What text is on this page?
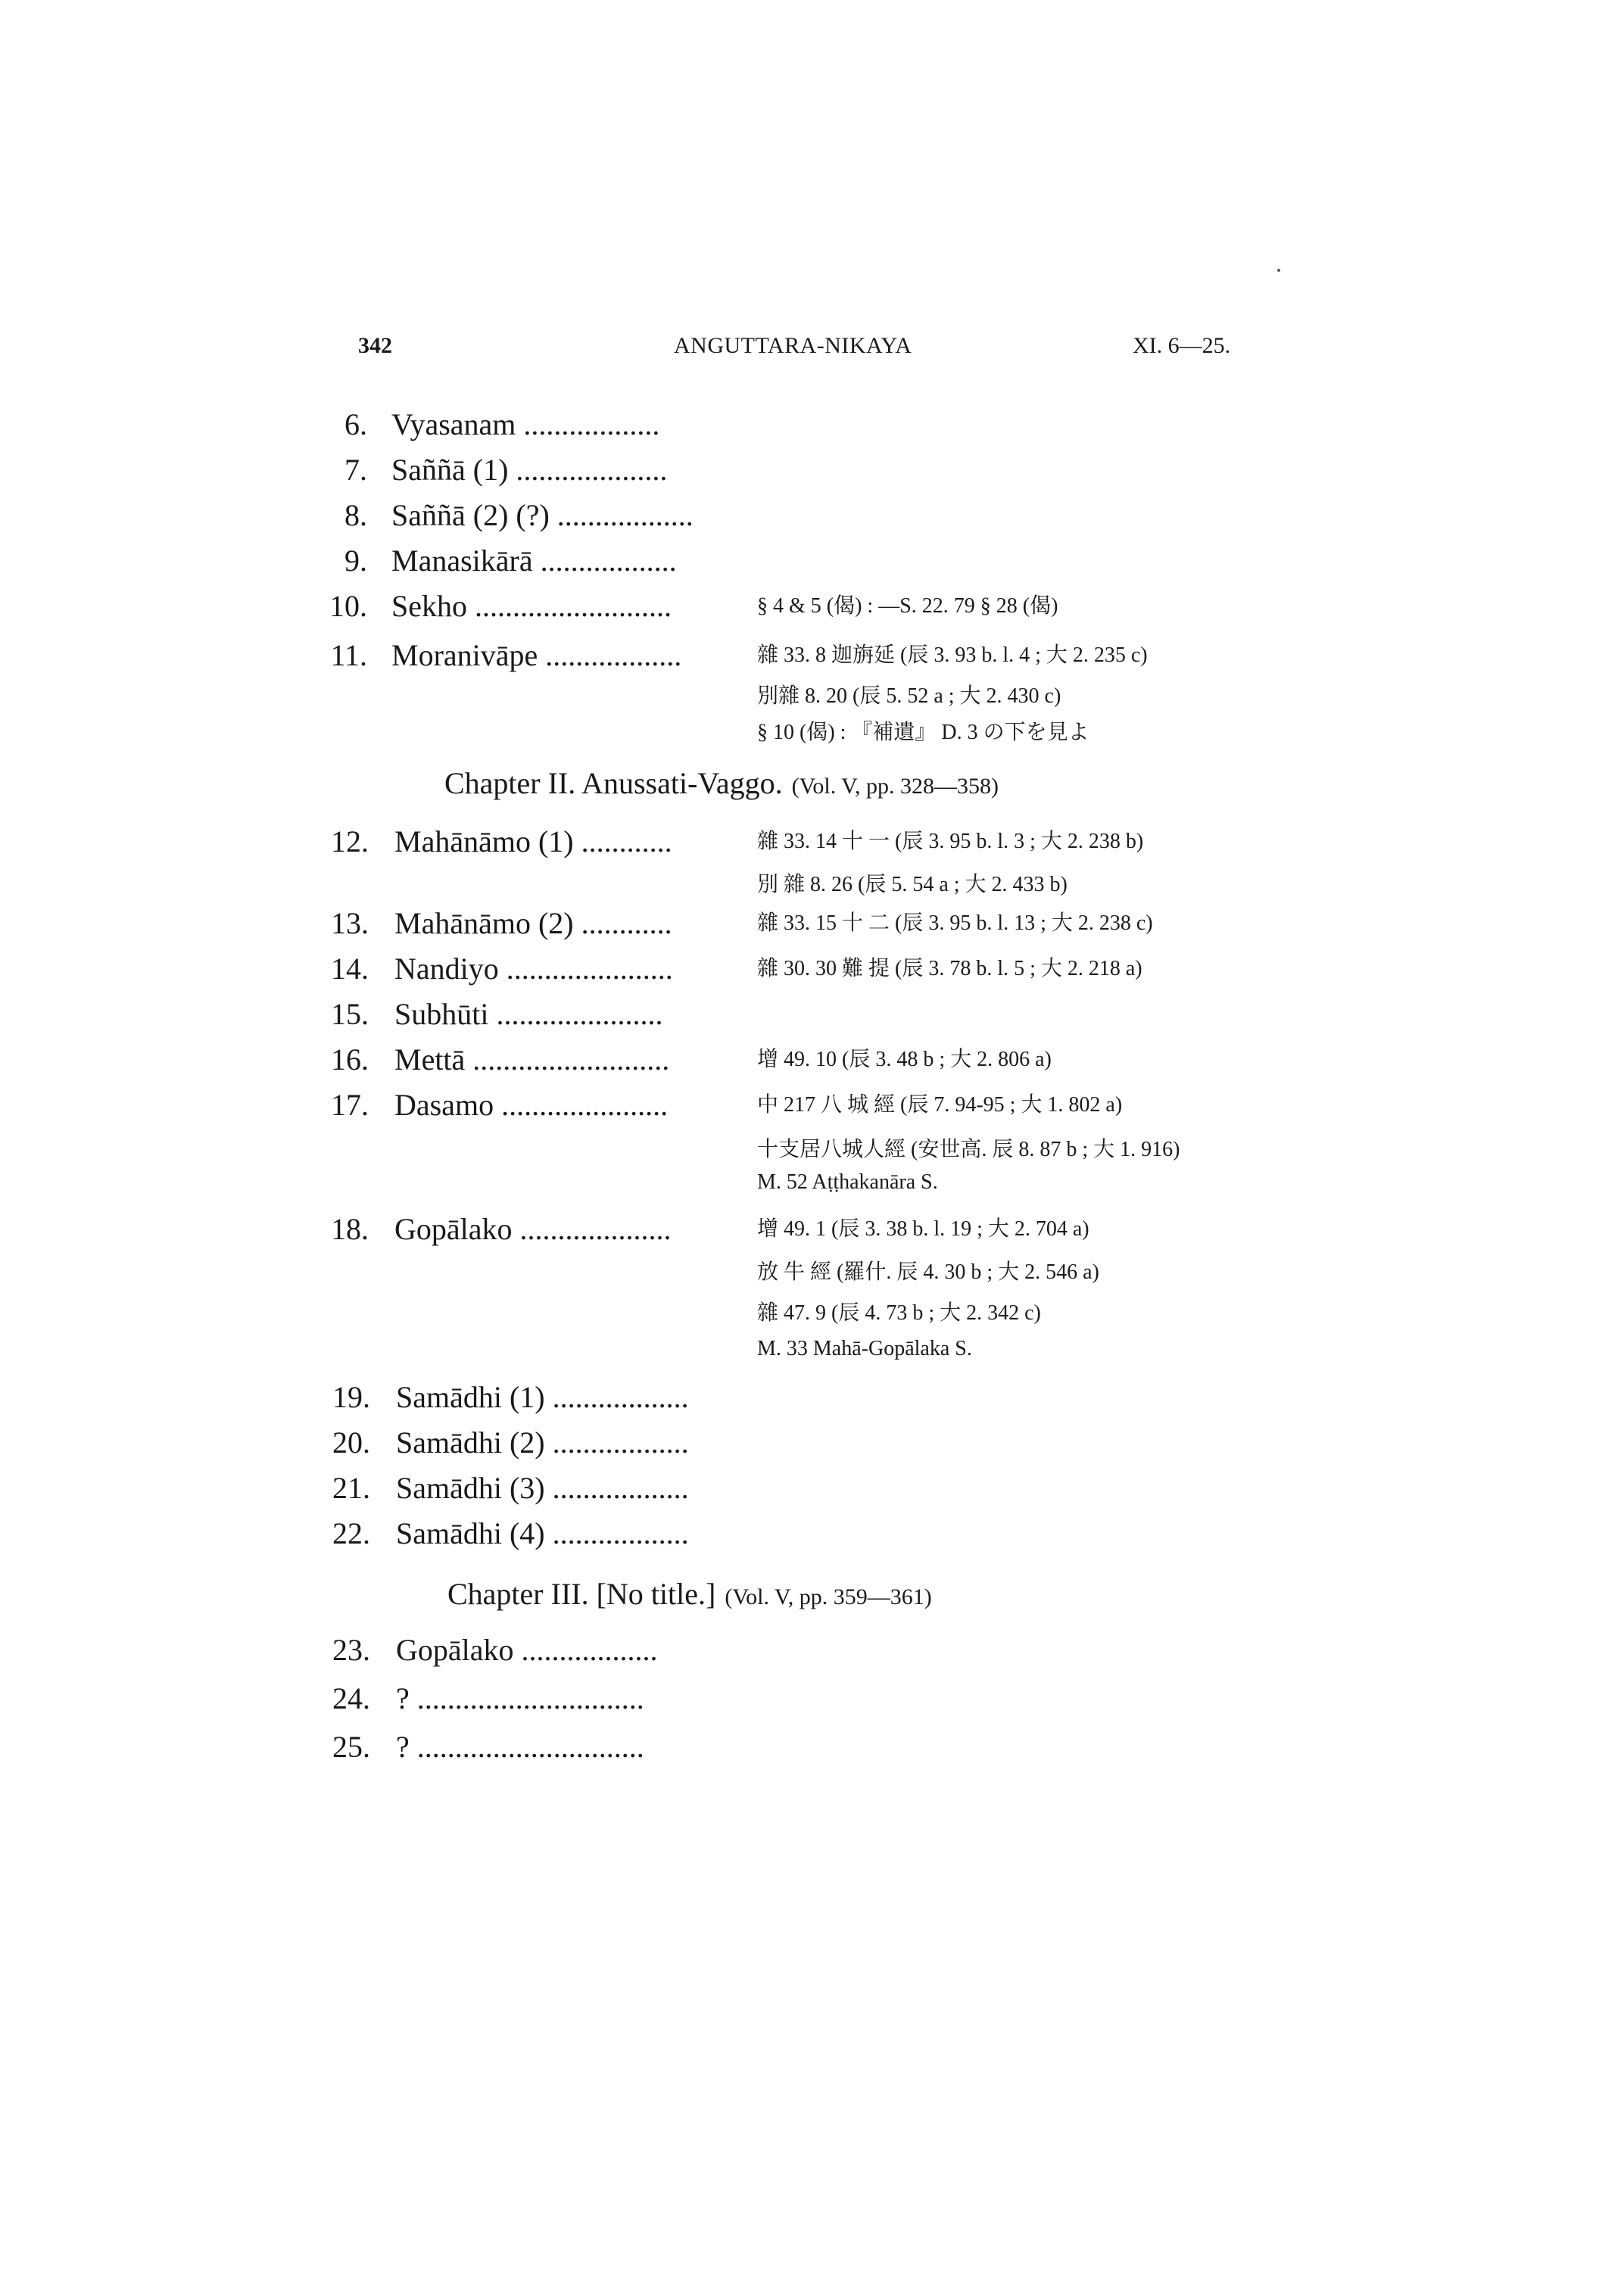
342	ANGUTTARA-NIKAYA	XI. 6—25.
6. Vyasanam ..................
7. Saññā (1) ....................
8. Saññā (2) (?) ..................
9. Manasikārā ..................
10. Sekho ..........................	§ 4 & 5 (偈) : —S. 22. 79 § 28 (偈)
11. Moranivāpe ..................	雜 33. 8 迦旃延 (辰 3. 93 b. l. 4 ; 大 2. 235 c)
別雜 8. 20 (辰 5. 52 a ; 大 2. 430 c)
§ 10 (偈) : 『補遺』 D. 3 の下を見よ
Chapter II. Anussati-Vaggo. (Vol. V, pp. 328—358)
12. Mahānāmo (1) ............	雜 33. 14 十 一 (辰 3. 95 b. l. 3 ; 大 2. 238 b)
別 雜 8. 26 (辰 5. 54 a ; 大 2. 433 b)
13. Mahānāmo (2) ............	雜 33. 15 十 二 (辰 3. 95 b. l. 13 ; 大 2. 238 c)
14. Nandiyo ......................	雜 30. 30 難 提 (辰 3. 78 b. l. 5 ; 大 2. 218 a)
15. Subhūti ......................
16. Mettā ..........................	增 49. 10 (辰 3. 48 b ; 大 2. 806 a)
17. Dasamo ......................	中 217 八 城 經 (辰 7. 94-95 ; 大 1. 802 a)
十支居八城人經 (安世高. 辰 8. 87 b ; 大 1. 916)
M. 52 Aṭṭhakanāra S.
18. Gopālako ....................	增 49. 1 (辰 3. 38 b. l. 19 ; 大 2. 704 a)
放 牛 經 (羅什. 辰 4. 30 b ; 大 2. 546 a)
雜 47. 9 (辰 4. 73 b ; 大 2. 342 c)
M. 33 Mahā-Gopālaka S.
19. Samādhi (1) ..................
20. Samādhi (2) ..................
21. Samādhi (3) ..................
22. Samādhi (4) ..................
Chapter III. [No title.] (Vol. V, pp. 359—361)
23. Gopālako ..................
24. ? ..............................
25. ? ..............................
